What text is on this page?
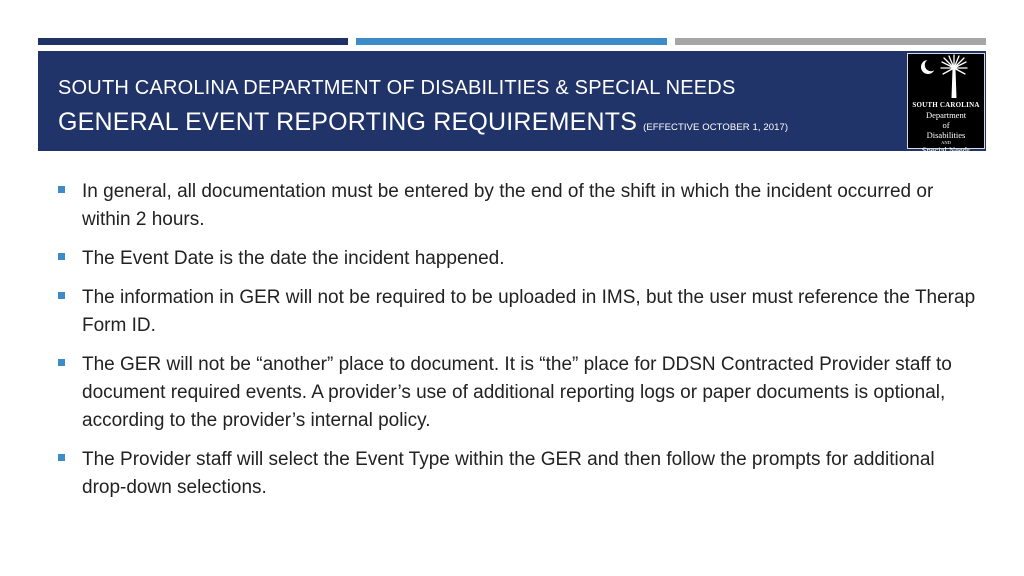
SOUTH CAROLINA DEPARTMENT OF DISABILITIES & SPECIAL NEEDS
GENERAL EVENT REPORTING REQUIREMENTS (EFFECTIVE OCTOBER 1, 2017)
SOUTH CAROLINA
Department
of
Disabilities
AND
Special Needs
In general, all documentation must be entered by the end of the shift in which the incident occurred or within 2 hours.
The Event Date is the date the incident happened.
The information in GER will not be required to be uploaded in IMS, but the user must reference the Therap Form ID.
The GER will not be “another” place to document. It is “the” place for DDSN Contracted Provider staff to document required events. A provider’s use of additional reporting logs or paper documents is optional, according to the provider’s internal policy.
The Provider staff will select the Event Type within the GER and then follow the prompts for additional drop-down selections.
